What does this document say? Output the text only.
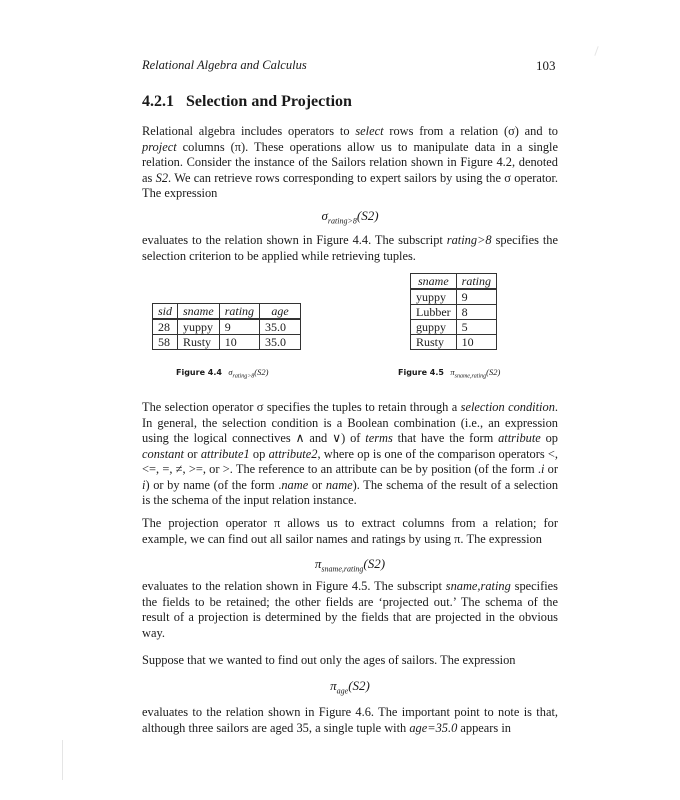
Relational Algebra and Calculus	103
4.2.1 Selection and Projection
Relational algebra includes operators to select rows from a relation (σ) and to project columns (π). These operations allow us to manipulate data in a single relation. Consider the instance of the Sailors relation shown in Figure 4.2, denoted as S2. We can retrieve rows corresponding to expert sailors by using the σ operator. The expression
$\sigma_{rating>8}(S2)$
evaluates to the relation shown in Figure 4.4. The subscript rating>8 specifies the selection criterion to be applied while retrieving tuples.
sid	sname	rating	age
28	yuppy	9	35.0
58	Rusty	10	35.0
sname	rating
yuppy	9
Lubber	8
guppy	5
Rusty	10
Figure 4.4 $\sigma_{rating>8}(S2)$	Figure 4.5 $\pi_{sname,rating}(S2)$
The selection operator σ specifies the tuples to retain through a selection condition. In general, the selection condition is a Boolean combination (i.e., an expression using the logical connectives ∧ and ∨) of terms that have the form attribute op constant or attribute1 op attribute2, where op is one of the comparison operators <, <=, =, ≠, >=, or >. The reference to an attribute can be by position (of the form .i or i) or by name (of the form .name or name). The schema of the result of a selection is the schema of the input relation instance.
The projection operator π allows us to extract columns from a relation; for example, we can find out all sailor names and ratings by using π. The expression
$\pi_{sname,rating}(S2)$
evaluates to the relation shown in Figure 4.5. The subscript sname,rating specifies the fields to be retained; the other fields are ‘projected out.’ The schema of the result of a projection is determined by the fields that are projected in the obvious way.
Suppose that we wanted to find out only the ages of sailors. The expression
$\pi_{age}(S2)$
evaluates to the relation shown in Figure 4.6. The important point to note is that, although three sailors are aged 35, a single tuple with age=35.0 appears in
